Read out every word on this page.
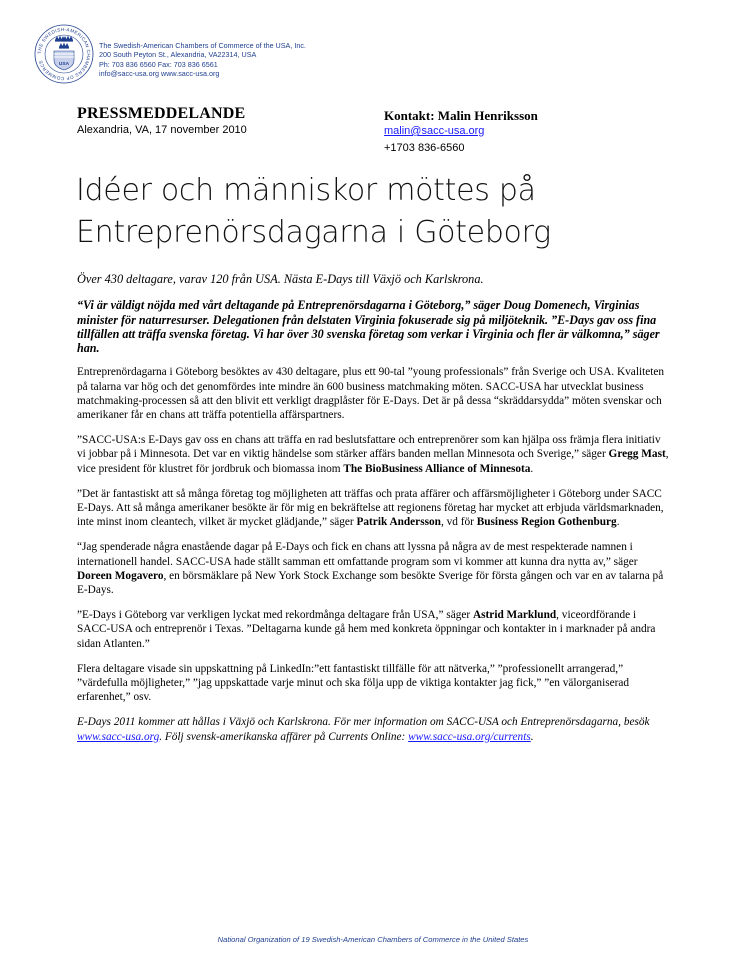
THE SWEDISH-AMERICAN CHAMBERS OF COMMERCE
USA
The Swedish-American Chambers of Commerce of the USA, Inc.
200 South Peyton St., Alexandria, VA22314, USA
Ph: 703 836 6560 Fax: 703 836 6561
info@sacc-usa.org www.sacc-usa.org
PRESSMEDDELANDE
Alexandria, VA, 17 november 2010
Kontakt: Malin Henriksson
malin@sacc-usa.org
+1703 836-6560
Idéer och människor möttes på
Entreprenörsdagarna i Göteborg

Över 430 deltagare, varav 120 från USA. Nästa E-Days till Växjö och Karlskrona.

“Vi är väldigt nöjda med vårt deltagande på Entreprenörsdagarna i Göteborg,” säger Doug Domenech, Virginias minister för naturresurser. Delegationen från delstaten Virginia fokuserade sig på miljöteknik. ”E-Days gav oss fina tillfällen att träffa svenska företag. Vi har över 30 svenska företag som verkar i Virginia och fler är välkomna,” säger han.

Entreprenördagarna i Göteborg besöktes av 430 deltagare, plus ett 90-tal ”young professionals” från Sverige och USA. Kvaliteten på talarna var hög och det genomfördes inte mindre än 600 business matchmaking möten. SACC-USA har utvecklat business matchmaking-processen så att den blivit ett verkligt dragplåster för E-Days. Det är på dessa “skräddarsydda” möten svenskar och amerikaner får en chans att träffa potentiella affärspartners.

”SACC-USA:s E-Days gav oss en chans att träffa en rad beslutsfattare och entreprenörer som kan hjälpa oss främja flera initiativ vi jobbar på i Minnesota. Det var en viktig händelse som stärker affärs banden mellan Minnesota och Sverige,” säger Gregg Mast, vice president för klustret för jordbruk och biomassa inom The BioBusiness Alliance of Minnesota.

”Det är fantastiskt att så många företag tog möjligheten att träffas och prata affärer och affärsmöjligheter i Göteborg under SACC E-Days. Att så många amerikaner besökte är för mig en bekräftelse att regionens företag har mycket att erbjuda världsmarknaden, inte minst inom cleantech, vilket är mycket glädjande,” säger Patrik Andersson, vd för Business Region Gothenburg.

“Jag spenderade några enastående dagar på E-Days och fick en chans att lyssna på några av de mest respekterade namnen i internationell handel. SACC-USA hade ställt samman ett omfattande program som vi kommer att kunna dra nytta av,” säger Doreen Mogavero, en börsmäklare på New York Stock Exchange som besökte Sverige för första gången och var en av talarna på E-Days.

”E-Days i Göteborg var verkligen lyckat med rekordmånga deltagare från USA,” säger Astrid Marklund, viceordförande i SACC-USA och entreprenör i Texas. ”Deltagarna kunde gå hem med konkreta öppningar och kontakter in i marknader på andra sidan Atlanten.”

Flera deltagare visade sin uppskattning på LinkedIn:”ett fantastiskt tillfälle för att nätverka,” ”professionellt arrangerad,” ”värdefulla möjligheter,” ”jag uppskattade varje minut och ska följa upp de viktiga kontakter jag fick,” ”en välorganiserad erfarenhet,” osv.

E-Days 2011 kommer att hållas i Växjö och Karlskrona. För mer information om SACC-USA och Entreprenörsdagarna, besök www.sacc-usa.org. Följ svensk-amerikanska affärer på Currents Online: www.sacc-usa.org/currents.

National Organization of 19 Swedish-American Chambers of Commerce in the United States
